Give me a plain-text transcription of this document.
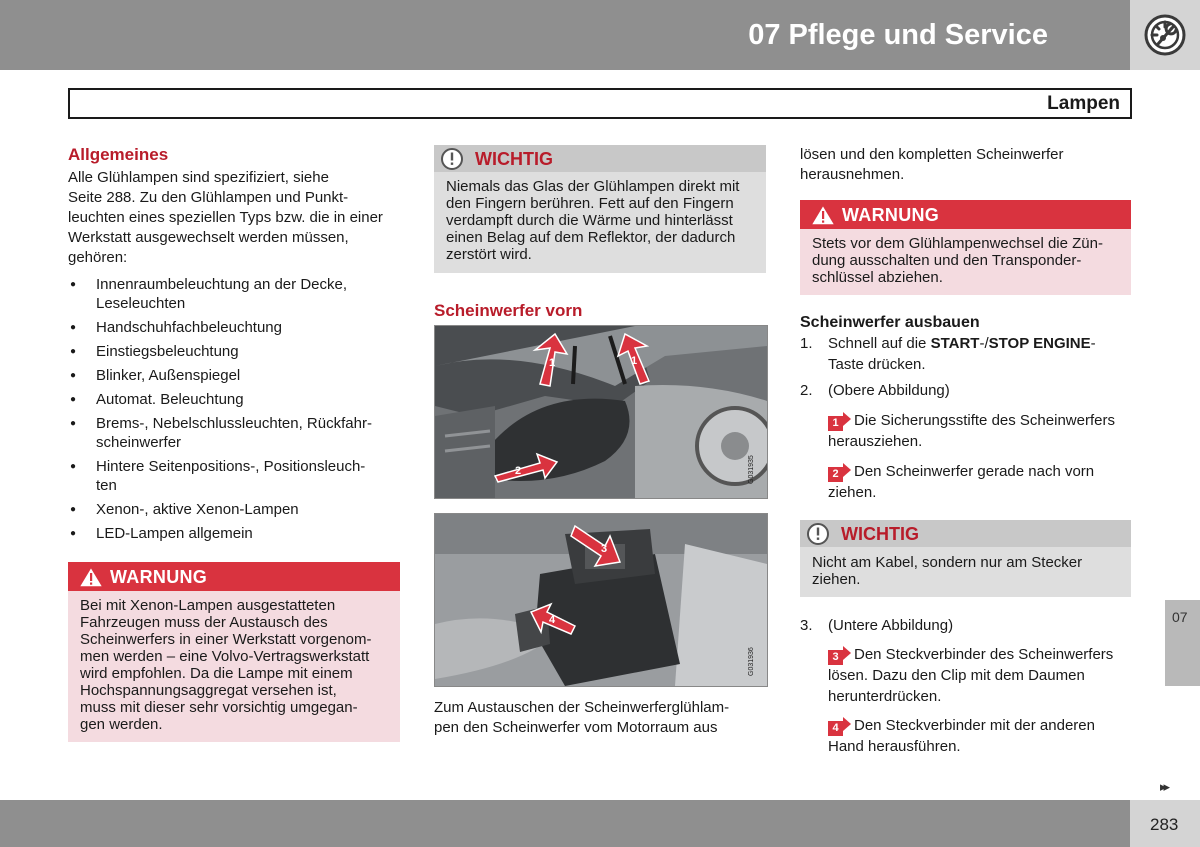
07 Pflege und Service
Lampen
Allgemeines
Alle Glühlampen sind spezifiziert, siehe
Seite 288. Zu den Glühlampen und Punkt-
leuchten eines speziellen Typs bzw. die in einer
Werkstatt ausgewechselt werden müssen,
gehören:
● Innenraumbeleuchtung an der Decke,
Leseleuchten
● Handschuhfachbeleuchtung
● Einstiegsbeleuchtung
● Blinker, Außenspiegel
● Automat. Beleuchtung
● Brems-, Nebelschlussleuchten, Rückfahr-
scheinwerfer
● Hintere Seitenpositions-, Positionsleuch-
ten
● Xenon-, aktive Xenon-Lampen
● LED-Lampen allgemein
WARNUNG
Bei mit Xenon-Lampen ausgestatteten
Fahrzeugen muss der Austausch des
Scheinwerfers in einer Werkstatt vorgenom-
men werden – eine Volvo-Vertragswerkstatt
wird empfohlen. Da die Lampe mit einem
Hochspannungsaggregat versehen ist,
muss mit dieser sehr vorsichtig umgegan-
gen werden.
WICHTIG
Niemals das Glas der Glühlampen direkt mit
den Fingern berühren. Fett auf den Fingern
verdampft durch die Wärme und hinterlässt
einen Belag auf dem Reflektor, der dadurch
zerstört wird.
Scheinwerfer vorn
1	1
2	G031935
3
4
G031936
Zum Austauschen der Scheinwerferglühlam-
pen den Scheinwerfer vom Motorraum aus
lösen und den kompletten Scheinwerfer
herausnehmen.
WARNUNG
Stets vor dem Glühlampenwechsel die Zün-
dung ausschalten und den Transponder-
schlüssel abziehen.
Scheinwerfer ausbauen
1. Schnell auf die START-/STOP ENGINE-
Taste drücken.
2. (Obere Abbildung)
1 Die Sicherungsstifte des Scheinwerfers
herausziehen.
2 Den Scheinwerfer gerade nach vorn
ziehen.
WICHTIG
Nicht am Kabel, sondern nur am Stecker
ziehen.
3. (Untere Abbildung)
3 Den Steckverbinder des Scheinwerfers
lösen. Dazu den Clip mit dem Daumen
herunterdrücken.
4 Den Steckverbinder mit der anderen
Hand herausführen.
07
▸▸
283
